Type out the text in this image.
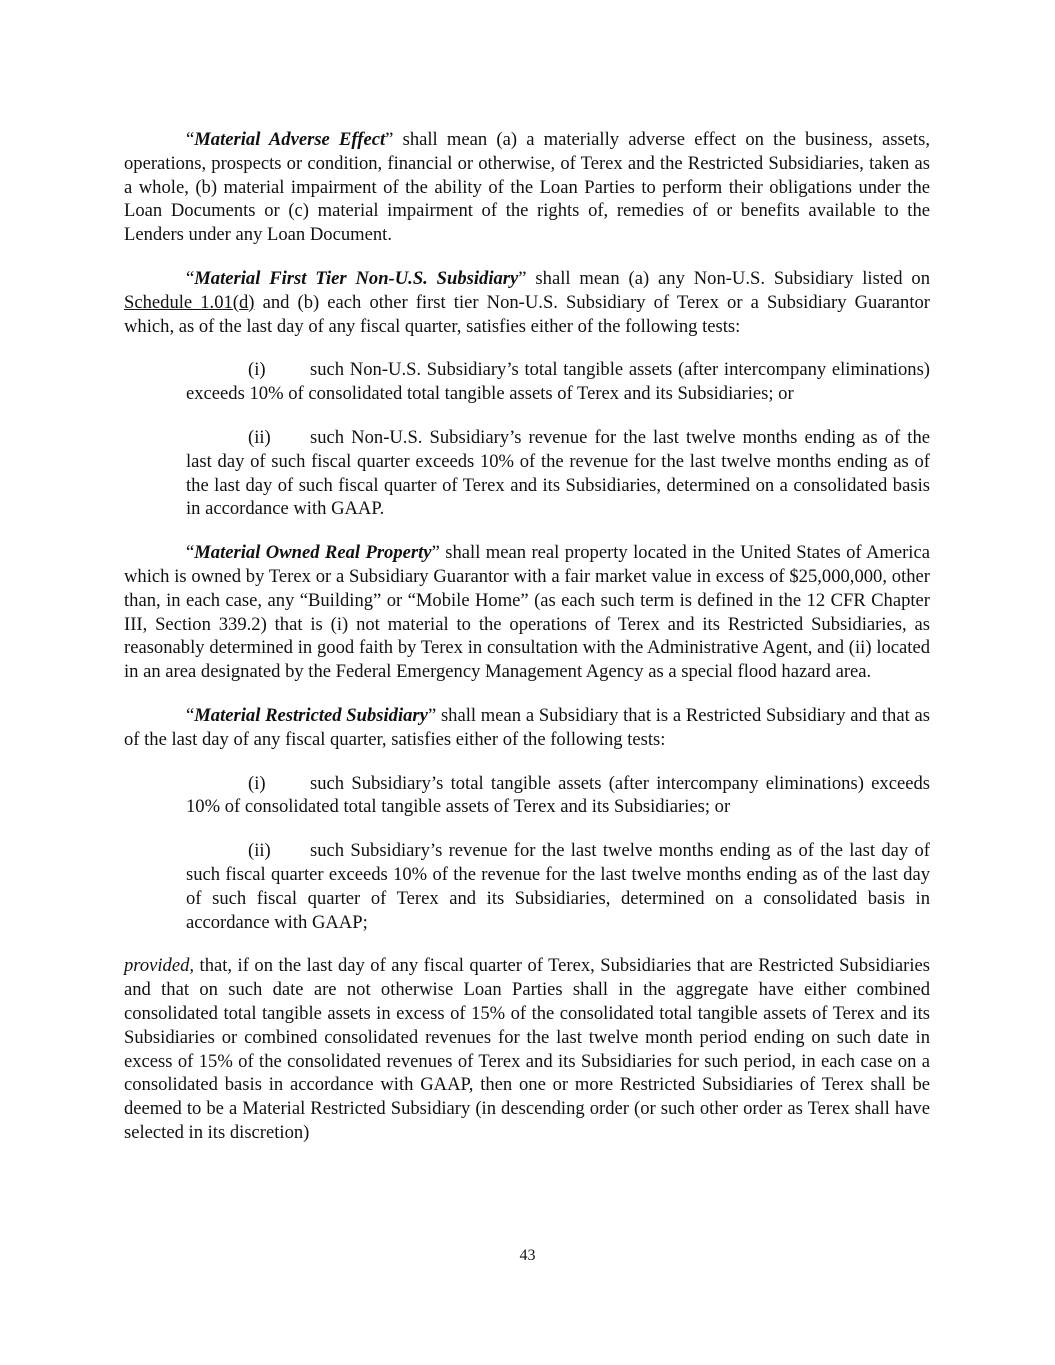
“Material Adverse Effect” shall mean (a) a materially adverse effect on the business, assets, operations, prospects or condition, financial or otherwise, of Terex and the Restricted Subsidiaries, taken as a whole, (b) material impairment of the ability of the Loan Parties to perform their obligations under the Loan Documents or (c) material impairment of the rights of, remedies of or benefits available to the Lenders under any Loan Document.

“Material First Tier Non-U.S. Subsidiary” shall mean (a) any Non-U.S. Subsidiary listed on Schedule 1.01(d) and (b) each other first tier Non-U.S. Subsidiary of Terex or a Subsidiary Guarantor which, as of the last day of any fiscal quarter, satisfies either of the following tests:

(i) such Non-U.S. Subsidiary’s total tangible assets (after intercompany eliminations) exceeds 10% of consolidated total tangible assets of Terex and its Subsidiaries; or

(ii) such Non-U.S. Subsidiary’s revenue for the last twelve months ending as of the last day of such fiscal quarter exceeds 10% of the revenue for the last twelve months ending as of the last day of such fiscal quarter of Terex and its Subsidiaries, determined on a consolidated basis in accordance with GAAP.

“Material Owned Real Property” shall mean real property located in the United States of America which is owned by Terex or a Subsidiary Guarantor with a fair market value in excess of $25,000,000, other than, in each case, any “Building” or “Mobile Home” (as each such term is defined in the 12 CFR Chapter III, Section 339.2) that is (i) not material to the operations of Terex and its Restricted Subsidiaries, as reasonably determined in good faith by Terex in consultation with the Administrative Agent, and (ii) located in an area designated by the Federal Emergency Management Agency as a special flood hazard area.

“Material Restricted Subsidiary” shall mean a Subsidiary that is a Restricted Subsidiary and that as of the last day of any fiscal quarter, satisfies either of the following tests:

(i) such Subsidiary’s total tangible assets (after intercompany eliminations) exceeds 10% of consolidated total tangible assets of Terex and its Subsidiaries; or

(ii) such Subsidiary’s revenue for the last twelve months ending as of the last day of such fiscal quarter exceeds 10% of the revenue for the last twelve months ending as of the last day of such fiscal quarter of Terex and its Subsidiaries, determined on a consolidated basis in accordance with GAAP;

provided, that, if on the last day of any fiscal quarter of Terex, Subsidiaries that are Restricted Subsidiaries and that on such date are not otherwise Loan Parties shall in the aggregate have either combined consolidated total tangible assets in excess of 15% of the consolidated total tangible assets of Terex and its Subsidiaries or combined consolidated revenues for the last twelve month period ending on such date in excess of 15% of the consolidated revenues of Terex and its Subsidiaries for such period, in each case on a consolidated basis in accordance with GAAP, then one or more Restricted Subsidiaries of Terex shall be deemed to be a Material Restricted Subsidiary (in descending order (or such other order as Terex shall have selected in its discretion)

43
